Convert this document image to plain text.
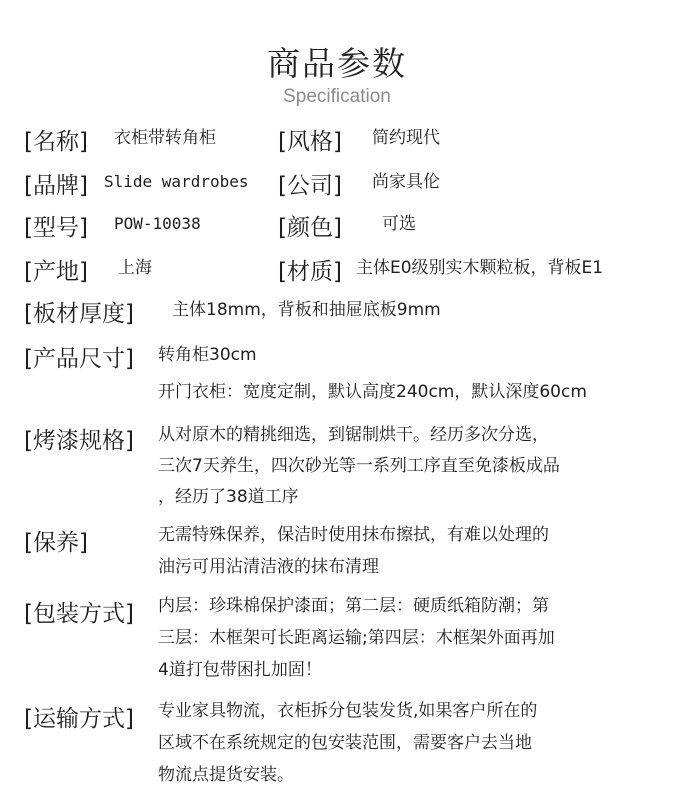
商品参数
Specification
[名称] 衣柜带转角柜	[风格] 简约现代
[品牌] Slide wardrobes [公司] 尚家具伦
[型号] POW-10038	[颜色] 可选
[产地] 上海	[材质] 主体E0级别实木颗粒板，背板E1
[板材厚度] 主体18mm，背板和抽屉底板9mm
[产品尺寸] 转角柜30cm
开门衣柜：宽度定制，默认高度240cm，默认深度60cm
[烤漆规格] 从对原木的精挑细选，到锯制烘干。经历多次分选，
三次7天养生，四次砂光等一系列工序直至免漆板成品
，经历了38道工序
[保养]	无需特殊保养，保洁时使用抹布擦拭，有难以处理的
油污可用沾清洁液的抹布清理
[包装方式] 内层：珍珠棉保护漆面；第二层：硬质纸箱防潮；第
三层：木框架可长距离运输;第四层：木框架外面再加
4道打包带困扎加固！
[运输方式] 专业家具物流，衣柜拆分包装发货,如果客户所在的
区域不在系统规定的包安装范围，需要客户去当地
物流点提货安装。
